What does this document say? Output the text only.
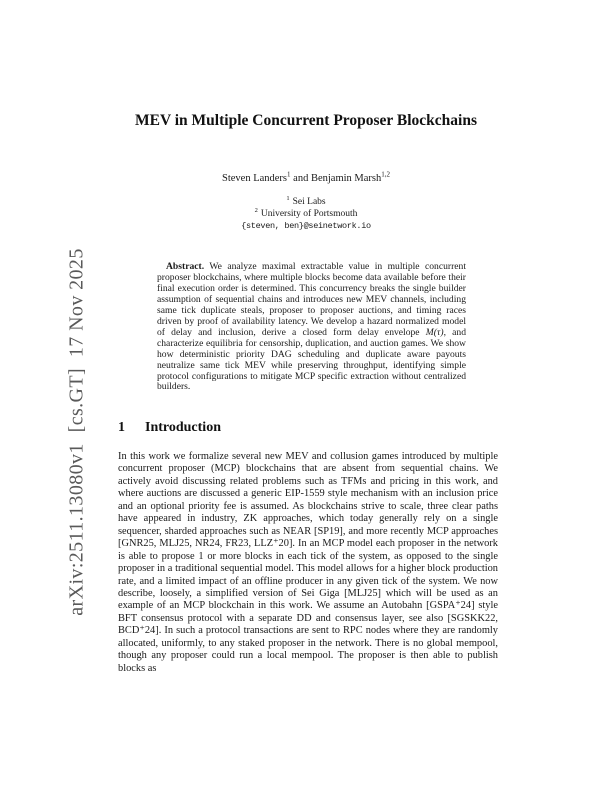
arXiv:2511.13080v1  [cs.GT]  17 Nov 2025
MEV in Multiple Concurrent Proposer Blockchains
Steven Landers$^1$ and Benjamin Marsh$^{1,2}$
$^1$ Sei Labs
$^2$ University of Portsmouth
{steven, ben}@seinetwork.io

Abstract. We analyze maximal extractable value in multiple concurrent proposer blockchains, where multiple blocks become data available before their final execution order is determined. This concurrency breaks the single builder assumption of sequential chains and introduces new MEV channels, including same tick duplicate steals, proposer to proposer auctions, and timing races driven by proof of availability latency. We develop a hazard normalized model of delay and inclusion, derive a closed form delay envelope M(τ), and characterize equilibria for censorship, duplication, and auction games. We show how deterministic priority DAG scheduling and duplicate aware payouts neutralize same tick MEV while preserving throughput, identifying simple protocol configurations to mitigate MCP specific extraction without centralized builders.

1 Introduction

In this work we formalize several new MEV and collusion games introduced by multiple concurrent proposer (MCP) blockchains that are absent from sequential chains. We actively avoid discussing related problems such as TFMs and pricing in this work, and where auctions are discussed a generic EIP-1559 style mechanism with an inclusion price and an optional priority fee is assumed. As blockchains strive to scale, three clear paths have appeared in industry, ZK approaches, which today generally rely on a single sequencer, sharded approaches such as NEAR [SP19], and more recently MCP approaches [GNR25, MLJ25, NR24, FR23, LLZ⁺20]. In an MCP model each proposer in the network is able to propose 1 or more blocks in each tick of the system, as opposed to the single proposer in a traditional sequential model. This model allows for a higher block production rate, and a limited impact of an offline producer in any given tick of the system. We now describe, loosely, a simplified version of Sei Giga [MLJ25] which will be used as an example of an MCP blockchain in this work. We assume an Autobahn [GSPA⁺24] style BFT consensus protocol with a separate DD and consensus layer, see also [SGSKK22, BCD⁺24]. In such a protocol transactions are sent to RPC nodes where they are randomly allocated, uniformly, to any staked proposer in the network. There is no global mempool, though any proposer could run a local mempool. The proposer is then able to publish blocks as
